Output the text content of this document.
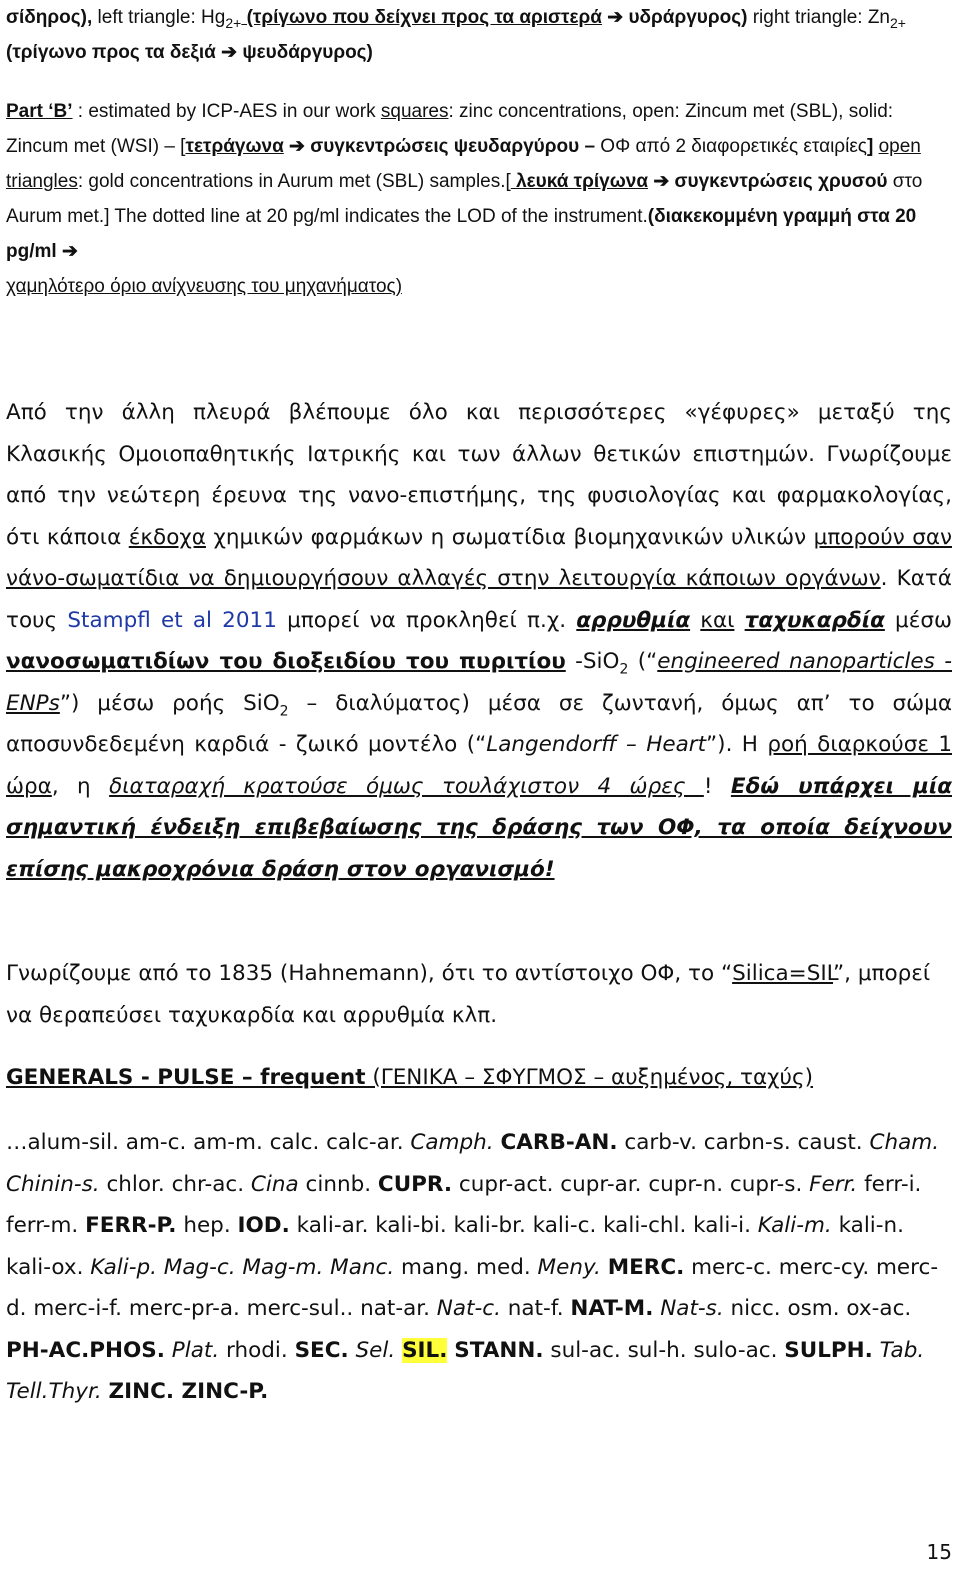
σίδηρος), left triangle: $Hg_{2+}$ (τρίγωνο που δείχνει προς τα αριστερά ➔ υδράργυρος) right triangle: $Zn_{2+}$ (τρίγωνο προς τα δεξιά ➔ ψευδάργυρος)
Part ‘B’ : estimated by ICP-AES in our work squares: zinc concentrations, open: Zincum met (SBL), solid: Zincum met (WSI) – [τετράγωνα ➔ συγκεντρώσεις ψευδαργύρου – ΟΦ από 2 διαφορετικές εταιρίες] open triangles: gold concentrations in Aurum met (SBL) samples.[ λευκά τρίγωνα ➔ συγκεντρώσεις χρυσού στο Aurum met.] The dotted line at 20 pg/ml indicates the LOD of the instrument.(διακεκομμένη γραμμή στα 20 pg/ml ➔
χαμηλότερο όριο ανίχνευσης του μηχανήματος)
Από την άλλη πλευρά βλέπουμε όλο και περισσότερες «γέφυρες» μεταξύ της Κλασικής Ομοιοπαθητικής Ιατρικής και των άλλων θετικών επιστημών. Γνωρίζουμε από την νεώτερη έρευνα της νανο-επιστήμης, της φυσιολογίας και φαρμακολογίας, ότι κάποια έκδοχα χημικών φαρμάκων η σωματίδια βιομηχανικών υλικών μπορούν σαν νάνο-σωματίδια να δημιουργήσουν αλλαγές στην λειτουργία κάποιων οργάνων. Κατά τους Stampfl et al 2011 μπορεί να προκληθεί π.χ. αρρυθμία και ταχυκαρδία μέσω νανοσωματιδίων του διοξειδίου του πυριτίου -SiO$_2$ (“engineered nanoparticles -ENPs”) μέσω ροής SiO$_2$ – διαλύματος) μέσα σε ζωντανή, όμως απ’ το σώμα αποσυνδεδεμένη καρδιά - ζωικό μοντέλο (“Langendorff – Heart”). Η ροή διαρκούσε 1 ώρα, η διαταραχή κρατούσε όμως τουλάχιστον 4 ώρες ! Εδώ υπάρχει μία σημαντική ένδειξη επιβεβαίωσης της δράσης των ΟΦ, τα οποία δείχνουν επίσης μακροχρόνια δράση στον οργανισμό!
Γνωρίζουμε από το 1835 (Hahnemann), ότι το αντίστοιχο ΟΦ, το “Silica=SIL”, μπορεί να θεραπεύσει ταχυκαρδία και αρρυθμία κλπ.
GENERALS - PULSE – frequent (ΓΕΝΙΚΑ – ΣΦΥΓΜΟΣ – αυξημένος, ταχύς)
…alum-sil. am-c. am-m. calc. calc-ar. Camph. CARB-AN. carb-v. carbn-s. caust. Cham. Chinin-s. chlor. chr-ac. Cina cinnb. CUPR. cupr-act. cupr-ar. cupr-n. cupr-s. Ferr. ferr-i. ferr-m. FERR-P. hep. IOD. kali-ar. kali-bi. kali-br. kali-c. kali-chl. kali-i. Kali-m. kali-n. kali-ox. Kali-p. Mag-c. Mag-m. Manc. mang. med. Meny. MERC. merc-c. merc-cy. merc-d. merc-i-f. merc-pr-a. merc-sul.. nat-ar. Nat-c. nat-f. NAT-M. Nat-s. nicc. osm. ox-ac. PH-AC.PHOS. Plat. rhodi. SEC. Sel. SIL. STANN. sul-ac. sul-h. sulo-ac. SULPH. Tab. Tell.Thyr. ZINC. ZINC-P.
15
